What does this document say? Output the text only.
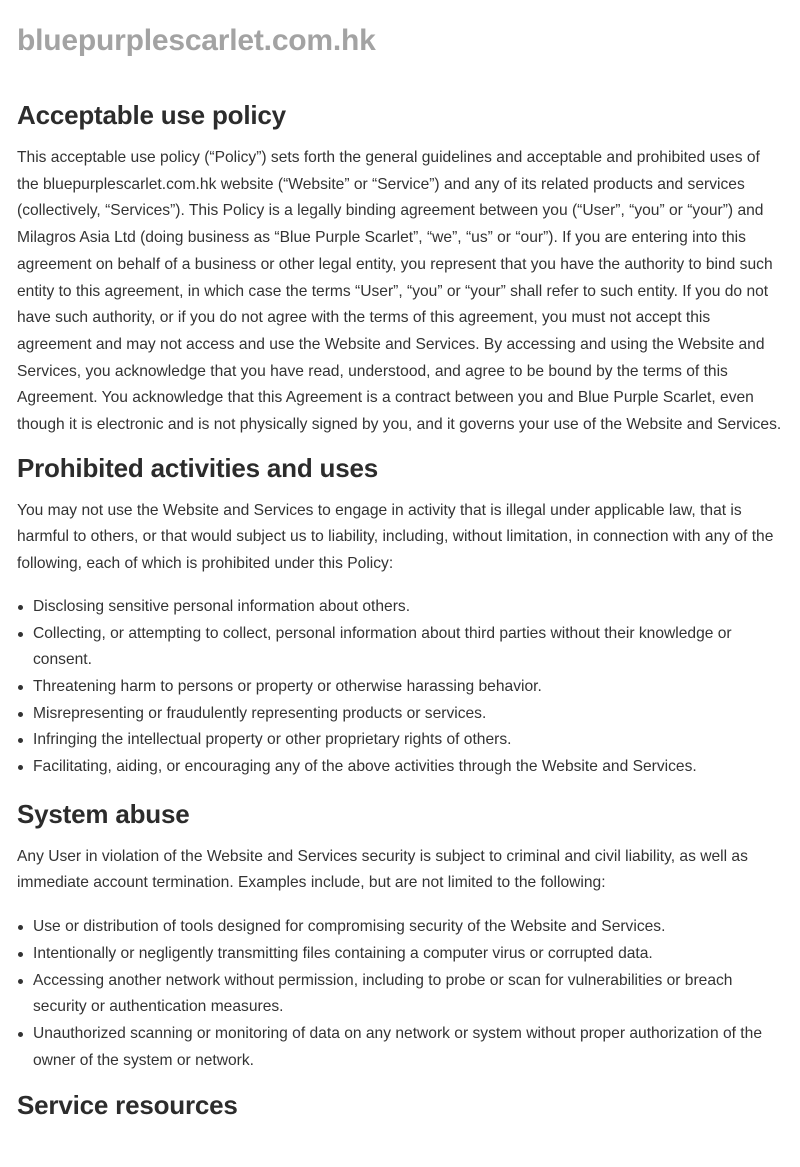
bluepurplescarlet.com.hk
Acceptable use policy

This acceptable use policy (“Policy”) sets forth the general guidelines and acceptable and prohibited uses of the bluepurplescarlet.com.hk website (“Website” or “Service”) and any of its related products and services (collectively, “Services”). This Policy is a legally binding agreement between you (“User”, “you” or “your”) and Milagros Asia Ltd (doing business as “Blue Purple Scarlet”, “we”, “us” or “our”). If you are entering into this agreement on behalf of a business or other legal entity, you represent that you have the authority to bind such entity to this agreement, in which case the terms “User”, “you” or “your” shall refer to such entity. If you do not have such authority, or if you do not agree with the terms of this agreement, you must not accept this agreement and may not access and use the Website and Services. By accessing and using the Website and Services, you acknowledge that you have read, understood, and agree to be bound by the terms of this Agreement. You acknowledge that this Agreement is a contract between you and Blue Purple Scarlet, even though it is electronic and is not physically signed by you, and it governs your use of the Website and Services.

Prohibited activities and uses

You may not use the Website and Services to engage in activity that is illegal under applicable law, that is harmful to others, or that would subject us to liability, including, without limitation, in connection with any of the following, each of which is prohibited under this Policy:

Disclosing sensitive personal information about others.
Collecting, or attempting to collect, personal information about third parties without their knowledge or consent.
Threatening harm to persons or property or otherwise harassing behavior.
Misrepresenting or fraudulently representing products or services.
Infringing the intellectual property or other proprietary rights of others.
Facilitating, aiding, or encouraging any of the above activities through the Website and Services.
System abuse

Any User in violation of the Website and Services security is subject to criminal and civil liability, as well as immediate account termination. Examples include, but are not limited to the following:

Use or distribution of tools designed for compromising security of the Website and Services.
Intentionally or negligently transmitting files containing a computer virus or corrupted data.
Accessing another network without permission, including to probe or scan for vulnerabilities or breach security or authentication measures.
Unauthorized scanning or monitoring of data on any network or system without proper authorization of the owner of the system or network.
Service resources
